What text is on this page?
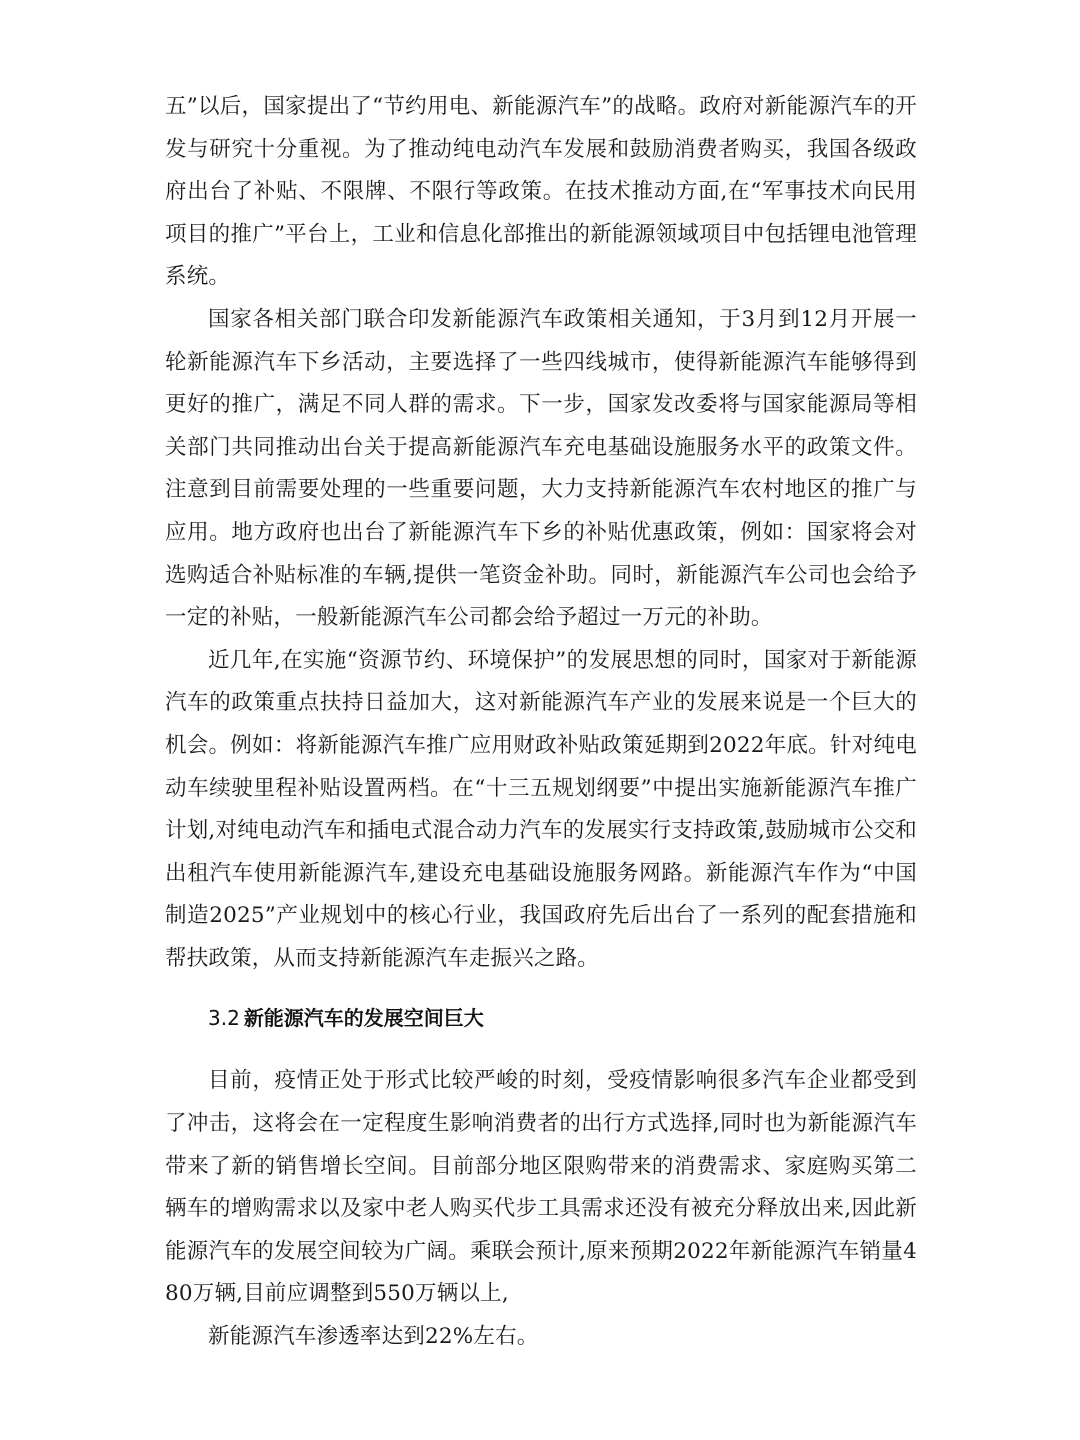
五”以后，国家提出了“节约用电、新能源汽车”的战略。政府对新能源汽车的开发与研究十分重视。为了推动纯电动汽车发展和鼓励消费者购买，我国各级政府出台了补贴、不限牌、不限行等政策。在技术推动方面,在“军事技术向民用项目的推广”平台上，工业和信息化部推出的新能源领域项目中包括锂电池管理系统。

国家各相关部门联合印发新能源汽车政策相关通知，于3月到12月开展一轮新能源汽车下乡活动，主要选择了一些四线城市，使得新能源汽车能够得到更好的推广，满足不同人群的需求。下一步，国家发改委将与国家能源局等相关部门共同推动出台关于提高新能源汽车充电基础设施服务水平的政策文件。注意到目前需要处理的一些重要问题，大力支持新能源汽车农村地区的推广与应用。地方政府也出台了新能源汽车下乡的补贴优惠政策，例如：国家将会对选购适合补贴标准的车辆,提供一笔资金补助。同时，新能源汽车公司也会给予一定的补贴，一般新能源汽车公司都会给予超过一万元的补助。

近几年,在实施“资源节约、环境保护”的发展思想的同时，国家对于新能源汽车的政策重点扶持日益加大，这对新能源汽车产业的发展来说是一个巨大的机会。例如：将新能源汽车推广应用财政补贴政策延期到2022年底。针对纯电动车续驶里程补贴设置两档。在“十三五规划纲要”中提出实施新能源汽车推广计划,对纯电动汽车和插电式混合动力汽车的发展实行支持政策,鼓励城市公交和出租汽车使用新能源汽车,建设充电基础设施服务网路。新能源汽车作为“中国制造2025”产业规划中的核心行业，我国政府先后出台了一系列的配套措施和帮扶政策，从而支持新能源汽车走振兴之路。

3.2 新能源汽车的发展空间巨大

目前，疫情正处于形式比较严峻的时刻，受疫情影响很多汽车企业都受到了冲击，这将会在一定程度生影响消费者的出行方式选择,同时也为新能源汽车带来了新的销售增长空间。目前部分地区限购带来的消费需求、家庭购买第二辆车的增购需求以及家中老人购买代步工具需求还没有被充分释放出来,因此新能源汽车的发展空间较为广阔。乘联会预计,原来预期2022年新能源汽车销量480万辆,目前应调整到550万辆以上,

新能源汽车渗透率达到22%左右。
